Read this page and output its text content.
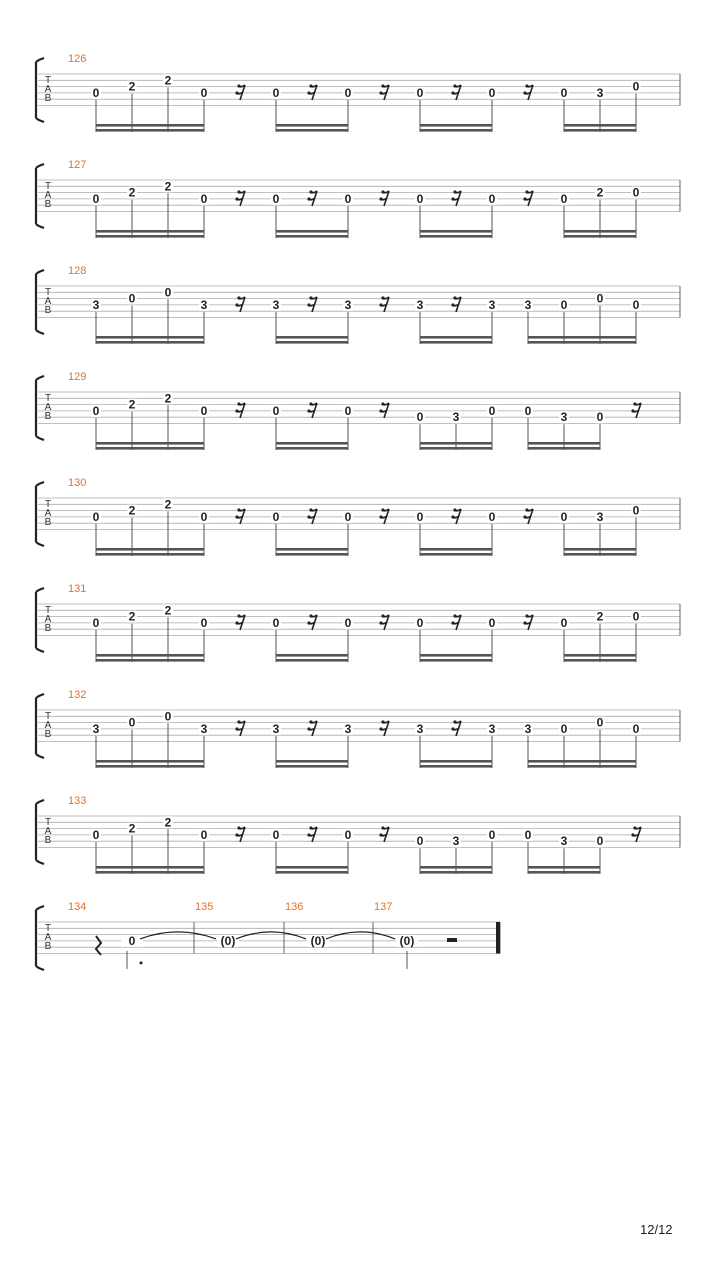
T
A
B
126
0 2 2
0	0	0	0	0	0 3 0
T
A
B
127
0 2 2
0	0	0	0	0	0 2 0
T
A
B
128
3 0 0
3	3	3	3	3 3 0 0 0
T
A
B
129
0 2 2
0	0	0	0 3 0 0 3 0
T
A
B
130
0 2 2
0	0	0	0	0	0 3 0
T
A
B
131
0 2 2
0	0	0	0	0	0 2 0
T
A
B
132
3 0 0
3	3	3	3	3 3 0 0 0
T
A
B
133
0 2 2
0	0	0	0 3 0 0 3 0
T
A
B
134	135	136	137
0	(0)	(0)	(0)
12/12
